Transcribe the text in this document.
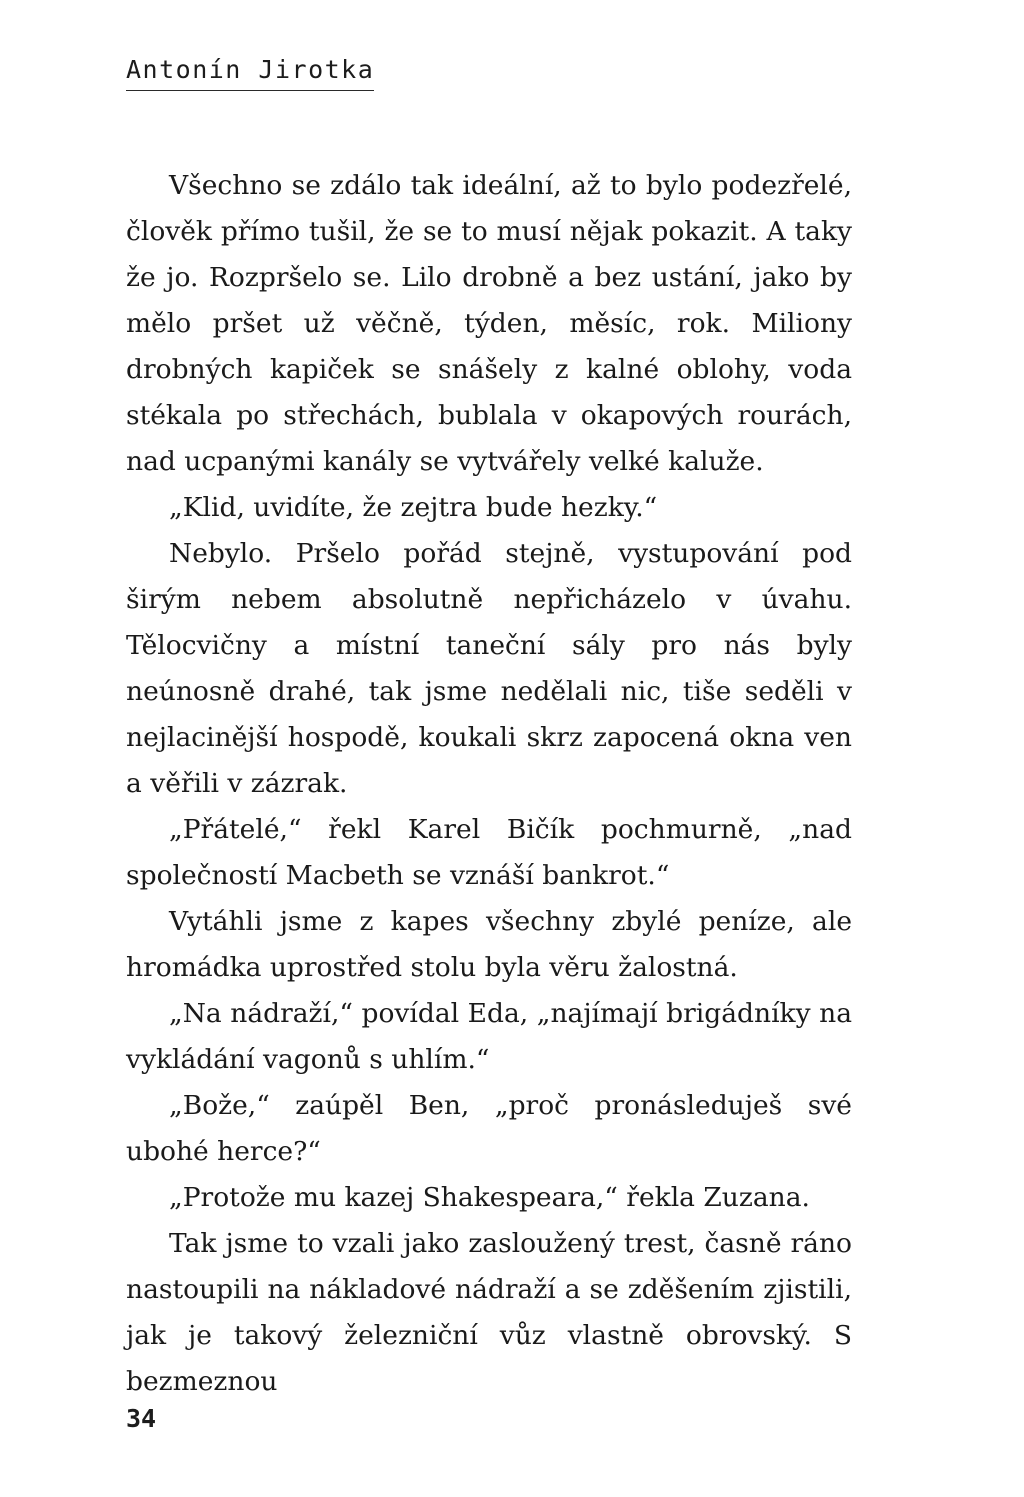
Antonín Jirotka

Všechno se zdálo tak ideální, až to bylo podezřelé, člověk přímo tušil, že se to musí nějak pokazit. A taky že jo. Rozpršelo se. Lilo drobně a bez ustání, jako by mělo pršet už věčně, týden, měsíc, rok. Miliony drobných kapiček se snášely z kalné oblohy, voda stékala po střechách, bublala v okapových rourách, nad ucpanými kanály se vytvářely velké kaluže.

„Klid, uvidíte, že zejtra bude hezky.“

Nebylo. Pršelo pořád stejně, vystupování pod širým nebem absolutně nepřicházelo v úvahu. Tělocvičny a místní taneční sály pro nás byly neúnosně drahé, tak jsme nedělali nic, tiše seděli v nejlacinější hospodě, koukali skrz zapocená okna ven a věřili v zázrak.

„Přátelé,“ řekl Karel Bičík pochmurně, „nad společností Macbeth se vznáší bankrot.“

Vytáhli jsme z kapes všechny zbylé peníze, ale hromádka uprostřed stolu byla věru žalostná.

„Na nádraží,“ povídal Eda, „najímají brigádníky na vykládání vagonů s uhlím.“

„Bože,“ zaúpěl Ben, „proč pronásleduješ své ubohé herce?“

„Protože mu kazej Shakespeara,“ řekla Zuzana.

Tak jsme to vzali jako zasloužený trest, časně ráno nastoupili na nákladové nádraží a se zděšením zjistili, jak je takový železniční vůz vlastně obrovský. S bezmeznou

34
